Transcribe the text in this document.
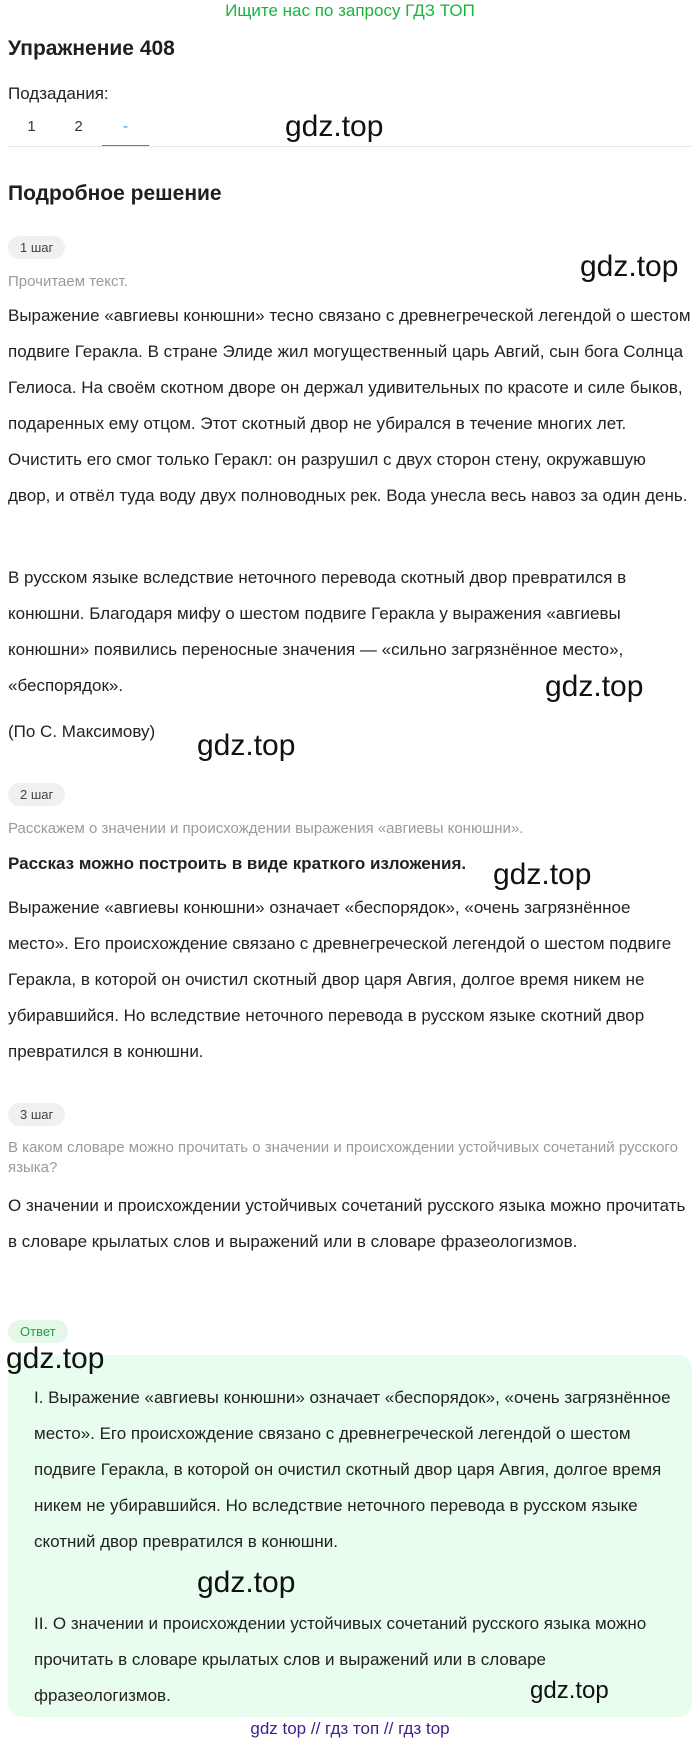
Ищите нас по запросу ГДЗ ТОП
Упражнение 408
Подзадания:
1	2	-	gdz.top
Подробное решение
1 шаг
gdz.top
Прочитаем текст.

Выражение «авгиевы конюшни» тесно связано с древнегреческой легендой о шестом подвиге Геракла. В стране Элиде жил могущественный царь Авгий, сын бога Солнца Гелиоса. На своём скотном дворе он держал удивительных по красоте и силе быков, подаренных ему отцом. Этот скотный двор не убирался в течение многих лет. Очистить его смог только Геракл: он разрушил с двух сторон стену, окружавшую двор, и отвёл туда воду двух полноводных рек. Вода унесла весь навоз за один день.

В русском языке вследствие неточного перевода скотный двор превратился в конюшни. Благодаря мифу о шестом подвиге Геракла у выражения «авгиевы конюшни» появились переносные значения — «сильно загрязнённое место», «беспорядок».	gdz.top

(По С. Максимову)	gdz.top
2 шаг
Расскажем о значении и происхождении выражения «авгиевы конюшни».

Рассказ можно построить в виде краткого изложения. gdz.top

Выражение «авгиевы конюшни» означает «беспорядок», «очень загрязнённое место». Его происхождение связано с древнегреческой легендой о шестом подвиге Геракла, в которой он очистил скотный двор царя Авгия, долгое время никем не убиравшийся. Но вследствие неточного перевода в русском языке скотний двор превратился в конюшни.

3 шаг
В каком словаре можно прочитать о значении и происхождении устойчивых сочетаний русского языка?

О значении и происхождении устойчивых сочетаний русского языка можно прочитать в словаре крылатых слов и выражений или в словаре фразеологизмов.

Ответ
gdz.top

I. Выражение «авгиевы конюшни» означает «беспорядок», «очень загрязнённое место». Его происхождение связано с древнегреческой легендой о шестом подвиге Геракла, в которой он очистил скотный двор царя Авгия, долгое время никем не убиравшийся. Но вследствие неточного перевода в русском языке скотний двор превратился в конюшни.

gdz.top

II. О значении и происхождении устойчивых сочетаний русского языка можно прочитать в словаре крылатых слов и выражений или в словаре фразеологизмов.	gdz.top
gdz top // гдз топ // гдз top
